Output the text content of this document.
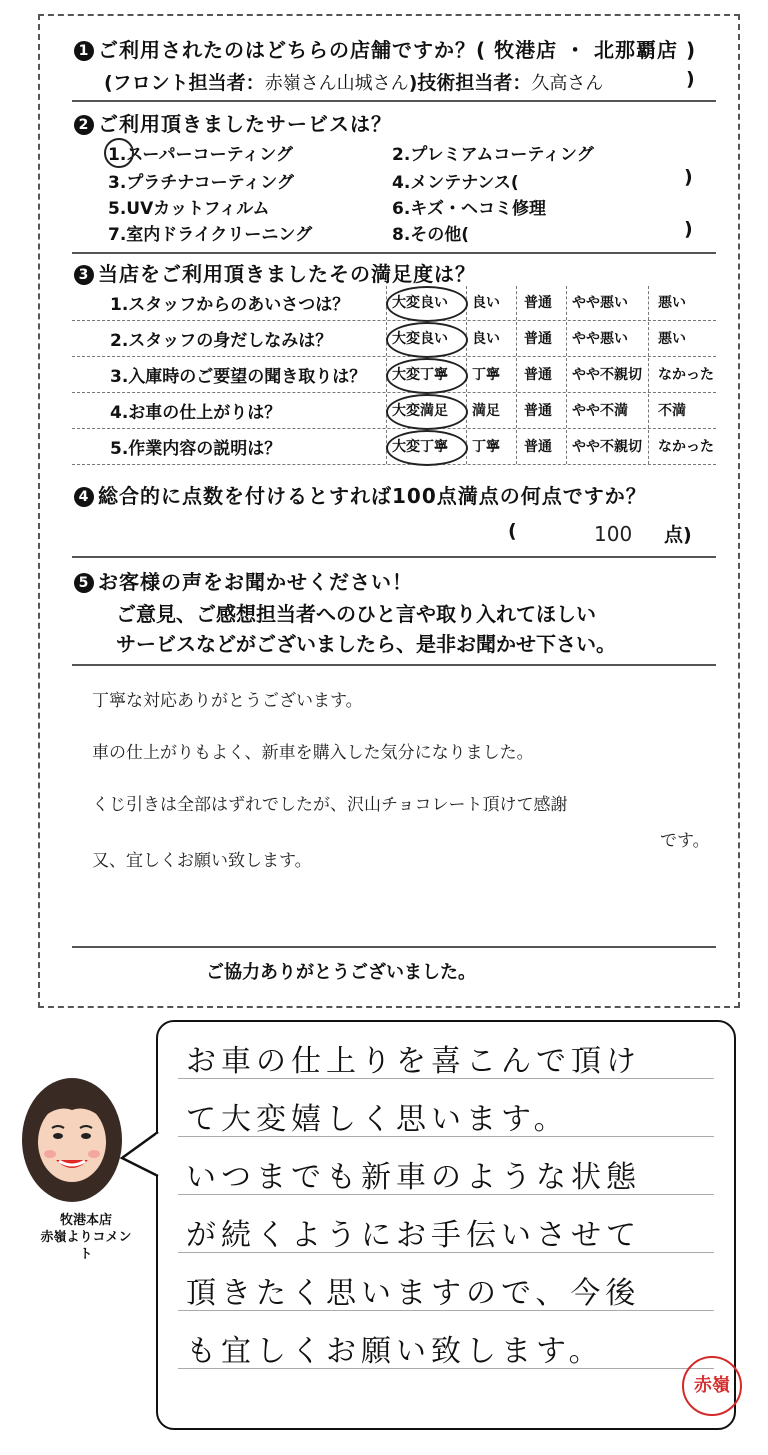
1 ご利用されたのはどちらの店舗ですか？( 牧港店 ・ 北那覇店 )
(フロント担当者：赤嶺さん山城さん)技術担当者：久高さん	)
2 ご利用頂きましたサービスは？
1.スーパーコーティング	2.プレミアムコーティング
3.プラチナコーティング	4.メンテナンス(	)
5.UVカットフィルム	6.キズ・ヘコミ修理
7.室内ドライクリーニング	8.その他(	)
3 当店をご利用頂きましたその満足度は？
1.スタッフからのあいさつは？	大変良い 良い 普通 やや悪い 悪い
2.スタッフの身だしなみは？	大変良い 良い 普通 やや悪い 悪い
3.入庫時のご要望の聞き取りは？ 大変丁寧 丁寧 普通 やや不親切 なかった
4.お車の仕上がりは？	大変満足 満足 普通 やや不満 不満
5.作業内容の説明は？	大変丁寧 丁寧 普通 やや不親切 なかった
4 総合的に点数を付けるとすれば100点満点の何点ですか？
(	100 点)
5 お客様の声をお聞かせください！
ご意見、ご感想担当者へのひと言や取り入れてほしい
サービスなどがございましたら、是非お聞かせ下さい。
丁寧な対応ありがとうございます。
車の仕上がりもよく、新車を購入した気分になりました。
くじ引きは全部はずれでしたが、沢山チョコレート頂けて感謝
です。
又、宜しくお願い致します。
ご協力ありがとうございました。
牧港本店
赤嶺よりコメント
お車の仕上りを喜こんで頂け
て大変嬉しく思います。
いつまでも新車のような状態
が続くようにお手伝いさせて
頂きたく思いますので、今後
も宜しくお願い致します。
赤嶺
